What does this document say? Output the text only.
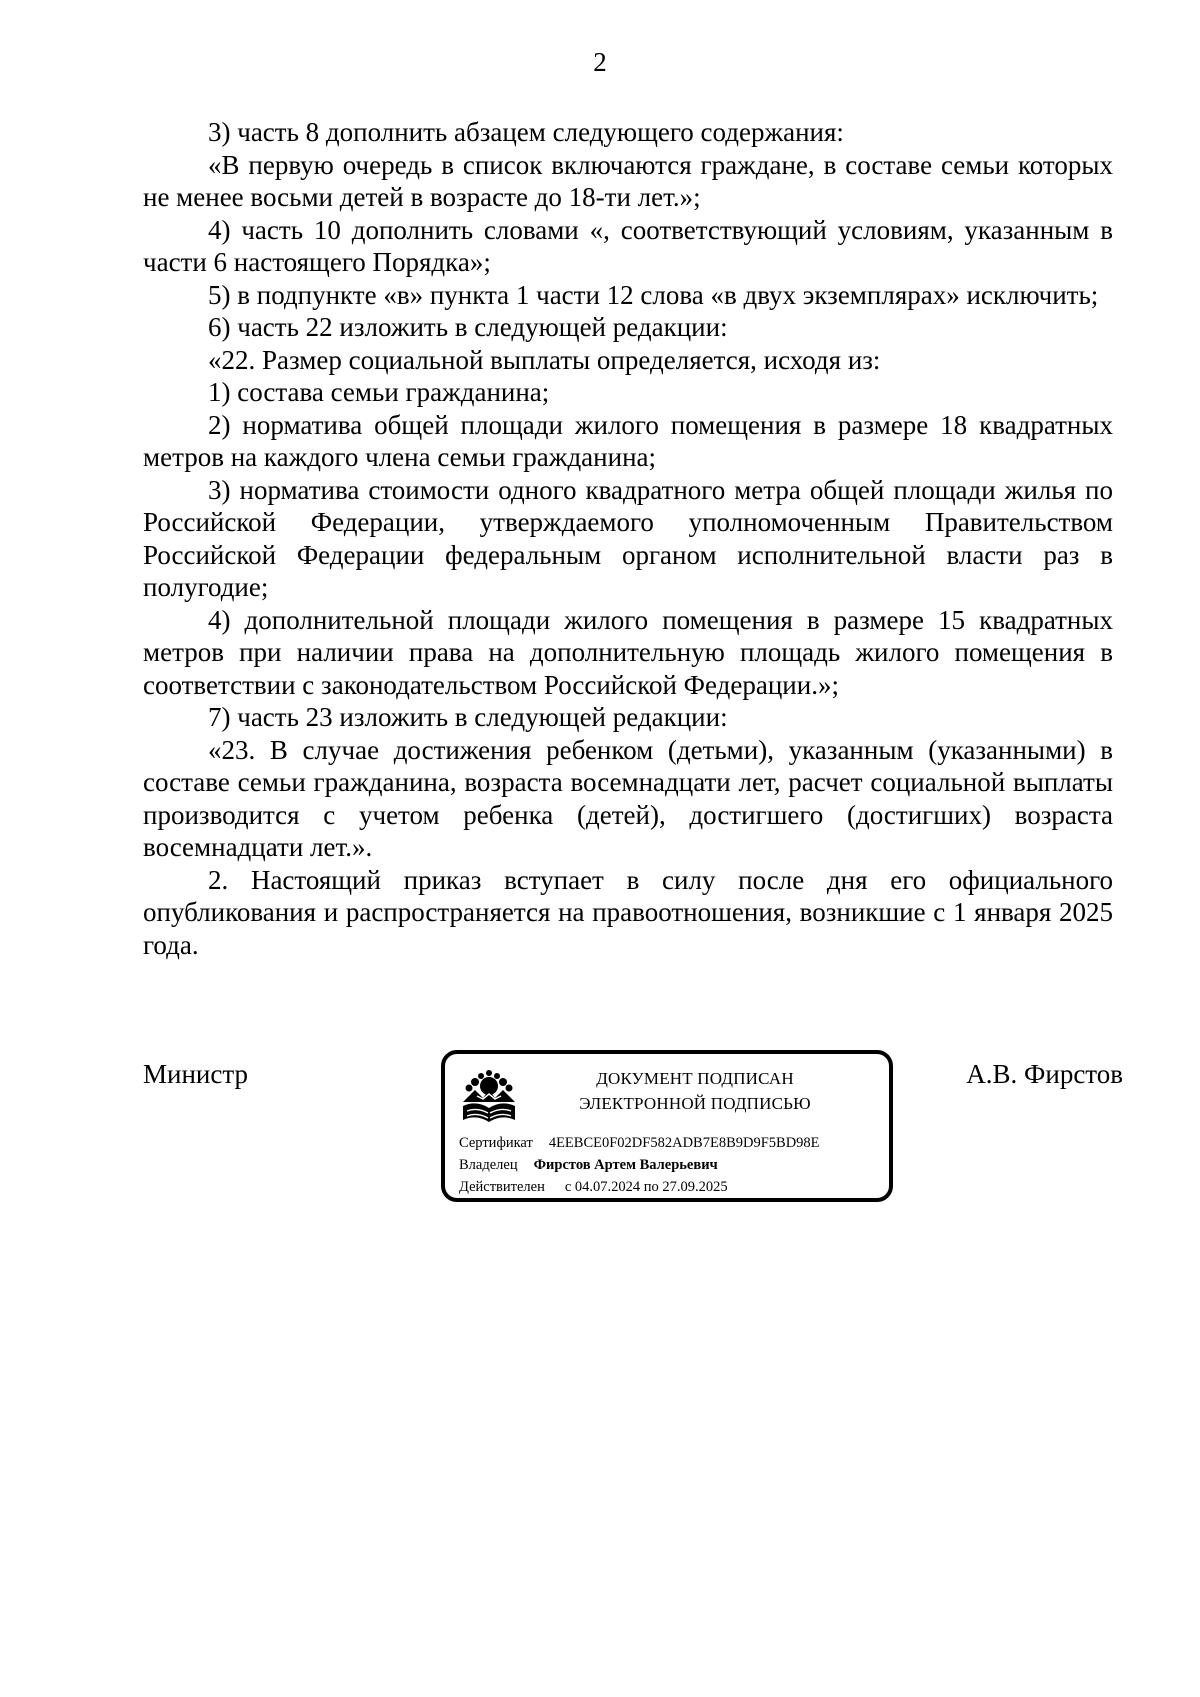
2

3) часть 8 дополнить абзацем следующего содержания:

«В первую очередь в список включаются граждане, в составе семьи которых не менее восьми детей в возрасте до 18-ти лет.»;

4) часть 10 дополнить словами «, соответствующий условиям, указанным в части 6 настоящего Порядка»;

5) в подпункте «в» пункта 1 части 12 слова «в двух экземплярах» исключить;

6) часть 22 изложить в следующей редакции:

«22. Размер социальной выплаты определяется, исходя из:

1) состава семьи гражданина;

2) норматива общей площади жилого помещения в размере 18 квадратных метров на каждого члена семьи гражданина;

3) норматива стоимости одного квадратного метра общей площади жилья по Российской Федерации, утверждаемого уполномоченным Правительством Российской Федерации федеральным органом исполнительной власти раз в полугодие;

4) дополнительной площади жилого помещения в размере 15 квадратных метров при наличии права на дополнительную площадь жилого помещения в соответствии с законодательством Российской Федерации.»;

7) часть 23 изложить в следующей редакции:

«23. В случае достижения ребенком (детьми), указанным (указанными) в составе семьи гражданина, возраста восемнадцати лет, расчет социальной выплаты производится с учетом ребенка (детей), достигшего (достигших) возраста восемнадцати лет.».

2. Настоящий приказ вступает в силу после дня его официального опубликования и распространяется на правоотношения, возникшие с 1 января 2025 года.

Министр	ДОКУМЕНТ ПОДПИСАН
ЭЛЕКТРОННОЙ ПОДПИСЬЮ
Сертификат 4EEBCE0F02DF582ADB7E8B9D9F5BD98E
Владелец Фирстов Артем Валерьевич
Действителен с 04.07.2024 по 27.09.2025
А.В. Фирстов
